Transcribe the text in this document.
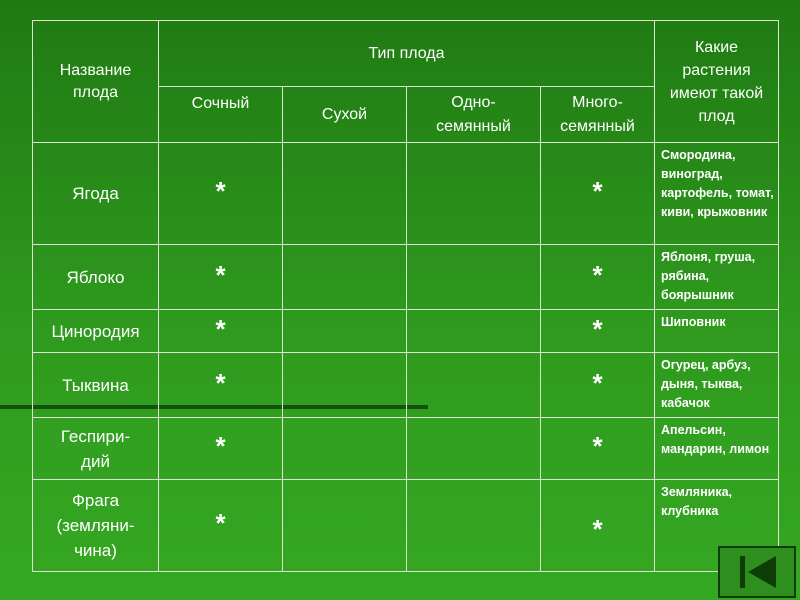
Название плода	Тип плода				Какие растения имеют такой плод
	Сочный	Сухой	Одно-семянный	Много-семянный	
Ягода	*			*	Смородина, виноград, картофель, томат, киви, крыжовник
Яблоко	*			*	Яблоня, груша, рябина, боярышник
Цинородия	*			*	Шиповник
Тыквина	*			*	Огурец, арбуз, дыня, тыква, кабачок
Геспири-дий	*			*	Апельсин, мандарин, лимон
Фрага (земляни-чина)	*			*	Земляника, клубника
